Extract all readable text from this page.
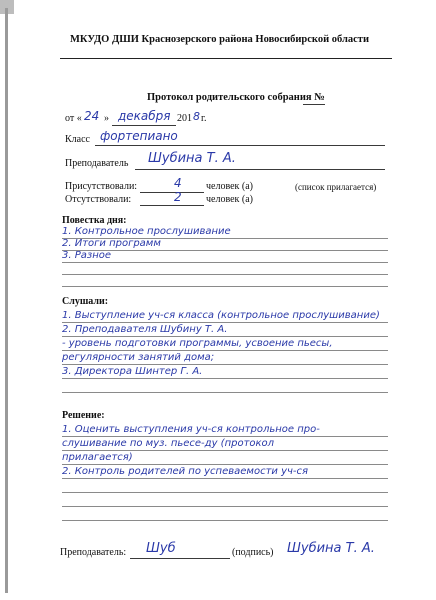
МКУДО ДШИ Краснозерского района Новосибирской области
Протокол родительского собрания №
от « 24 » декабря 201 8 г.
Класс фортепиано
Преподаватель Шубина Т. А.
Присутствовали:	4 человек (а)	(список прилагается)
Отсутствовали:	2 человек (а)
Повестка дня:
1. Контрольное прослушивание
2. Итоги программ
3. Разное
Слушали:
1. Выступление уч-ся класса (контрольное прослушивание)
2. Преподавателя Шубину Т. А.
- уровень подготовки программы, усвоение пьесы,
регулярности занятий дома;
3. Директора Шинтер Г. А.
Решение:
1. Оценить выступления уч-ся контрольное про-
слушивание по муз. пьесе-ду (протокол
прилагается)
2. Контроль родителей по успеваемости уч-ся
Преподаватель: Шуб	(подпись) Шубина Т. А.
